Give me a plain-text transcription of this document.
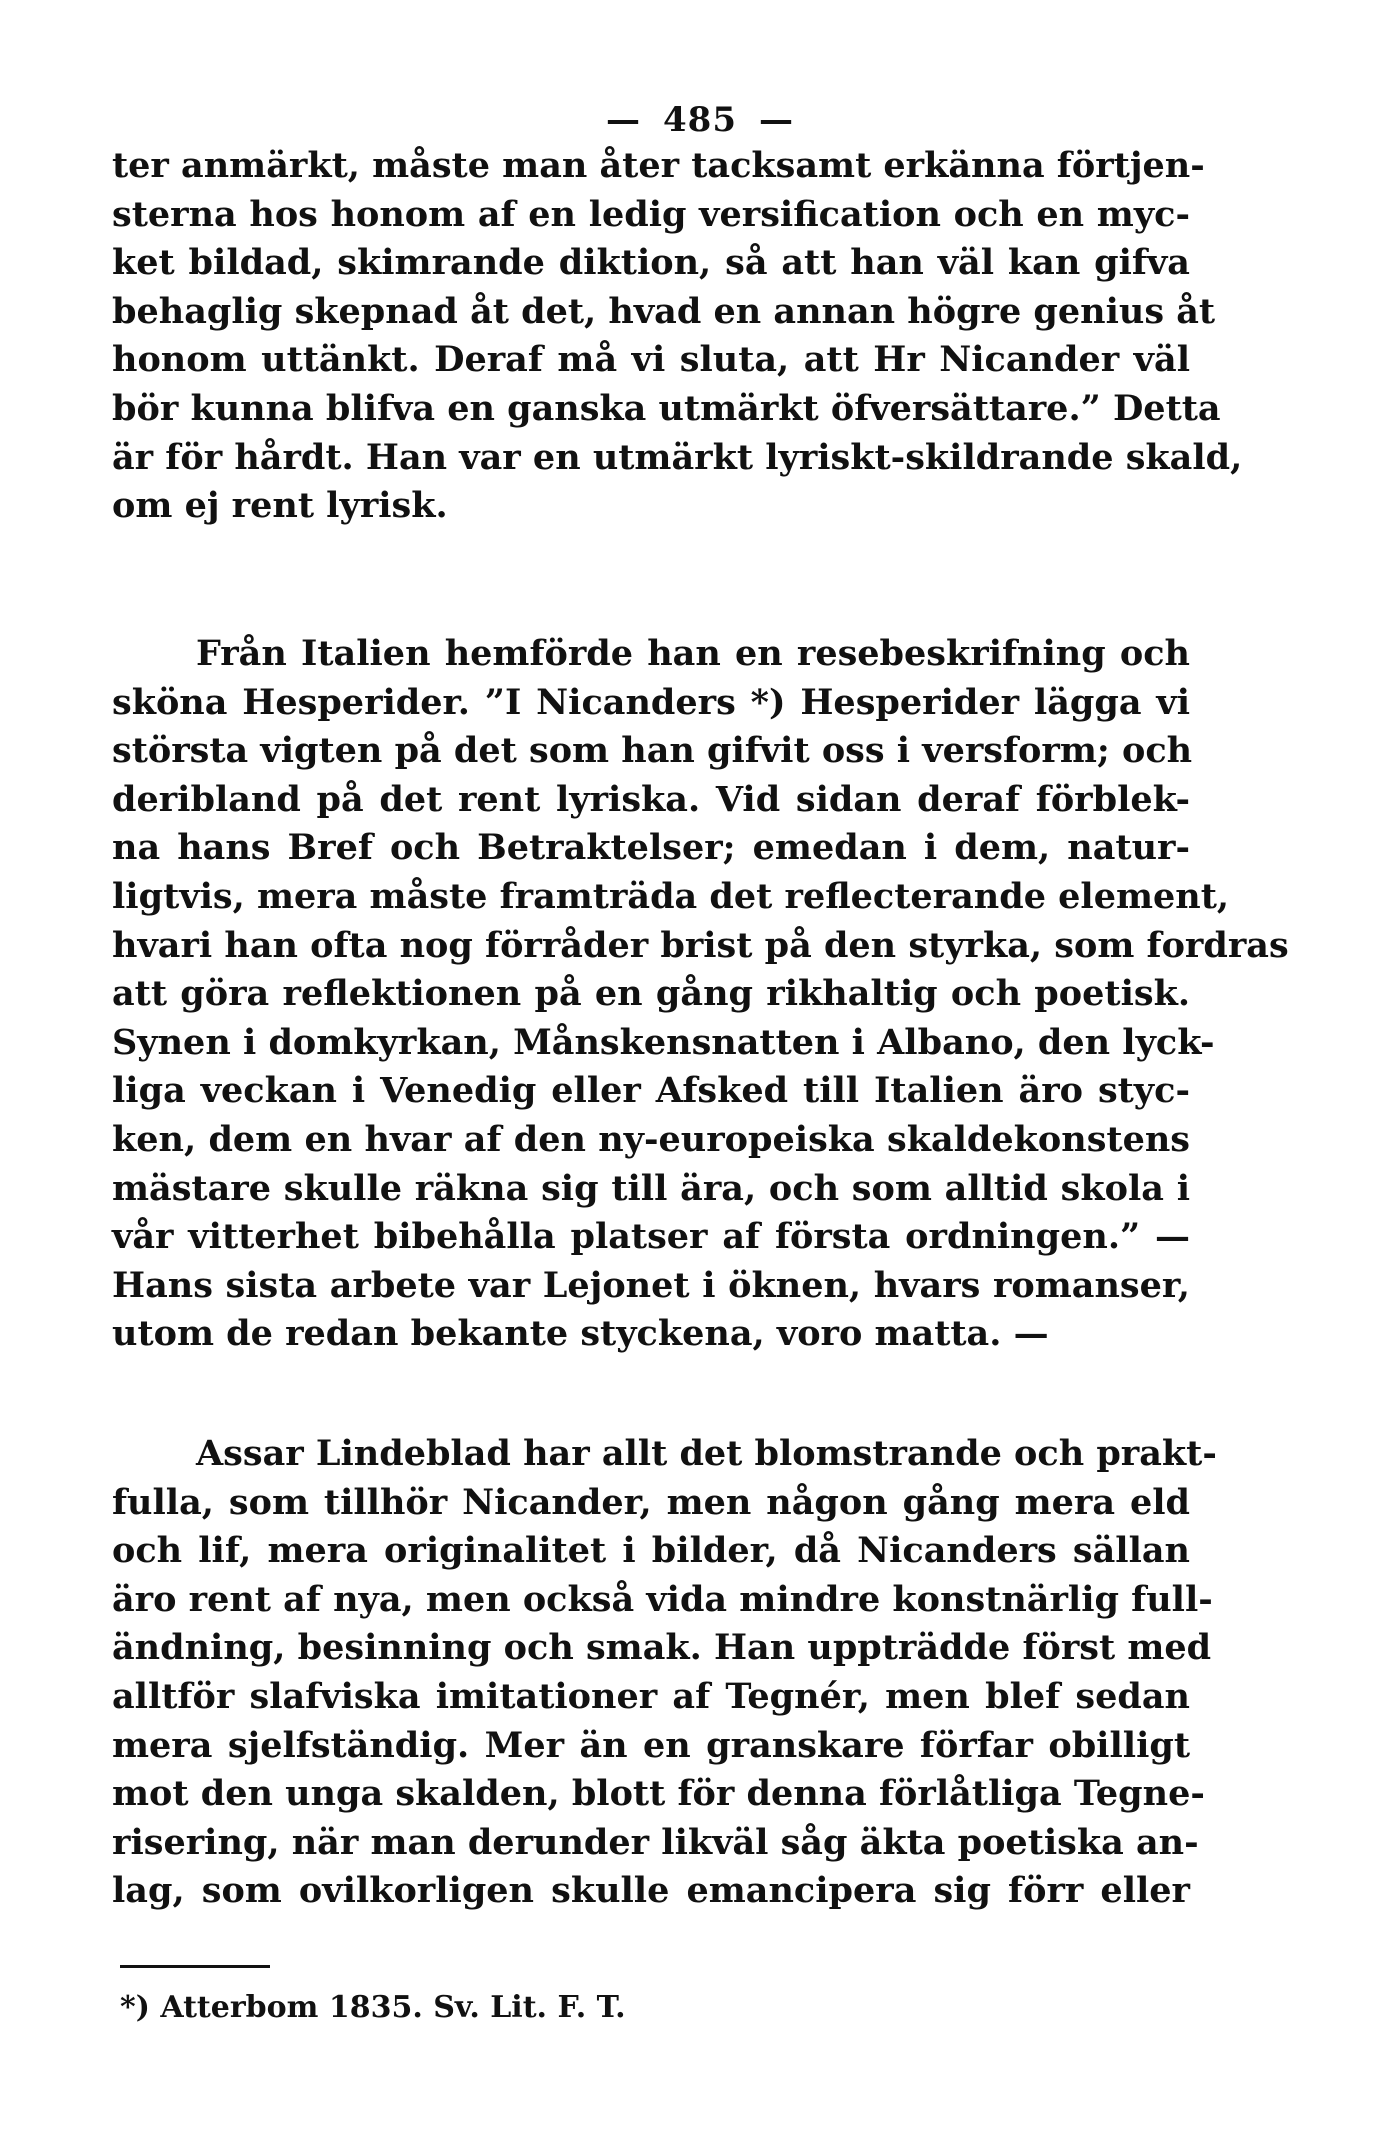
— 485 —
ter anmärkt, måste man åter tacksamt erkänna förtjen-
sterna hos honom af en ledig versification och en myc-
ket bildad, skimrande diktion, så att han väl kan gifva
behaglig skepnad åt det, hvad en annan högre genius åt
honom uttänkt. Deraf må vi sluta, att Hr Nicander väl
bör kunna blifva en ganska utmärkt öfversättare.” Detta
är för hårdt. Han var en utmärkt lyriskt-skildrande skald,
om ej rent lyrisk.
Från Italien hemförde han en resebeskrifning och
sköna Hesperider. ”I Nicanders *) Hesperider lägga vi
största vigten på det som han gifvit oss i versform; och
deribland på det rent lyriska. Vid sidan deraf förblek-
na hans Bref och Betraktelser; emedan i dem, natur-
ligtvis, mera måste framträda det reflecterande element,
hvari han ofta nog förråder brist på den styrka, som fordras
att göra reflektionen på en gång rikhaltig och poetisk.
Synen i domkyrkan, Månskensnatten i Albano, den lyck-
liga veckan i Venedig eller Afsked till Italien äro styc-
ken, dem en hvar af den ny-europeiska skaldekonstens
mästare skulle räkna sig till ära, och som alltid skola i
vår vitterhet bibehålla platser af första ordningen.” —
Hans sista arbete var Lejonet i öknen, hvars romanser,
utom de redan bekante styckena, voro matta. —
Assar Lindeblad har allt det blomstrande och prakt-
fulla, som tillhör Nicander, men någon gång mera eld
och lif, mera originalitet i bilder, då Nicanders sällan
äro rent af nya, men också vida mindre konstnärlig full-
ändning, besinning och smak. Han uppträdde först med
alltför slafviska imitationer af Tegnér, men blef sedan
mera sjelfständig. Mer än en granskare förfar obilligt
mot den unga skalden, blott för denna förlåtliga Tegne-
risering, när man derunder likväl såg äkta poetiska an-
lag, som ovilkorligen skulle emancipera sig förr eller
*) Atterbom 1835. Sv. Lit. F. T.
